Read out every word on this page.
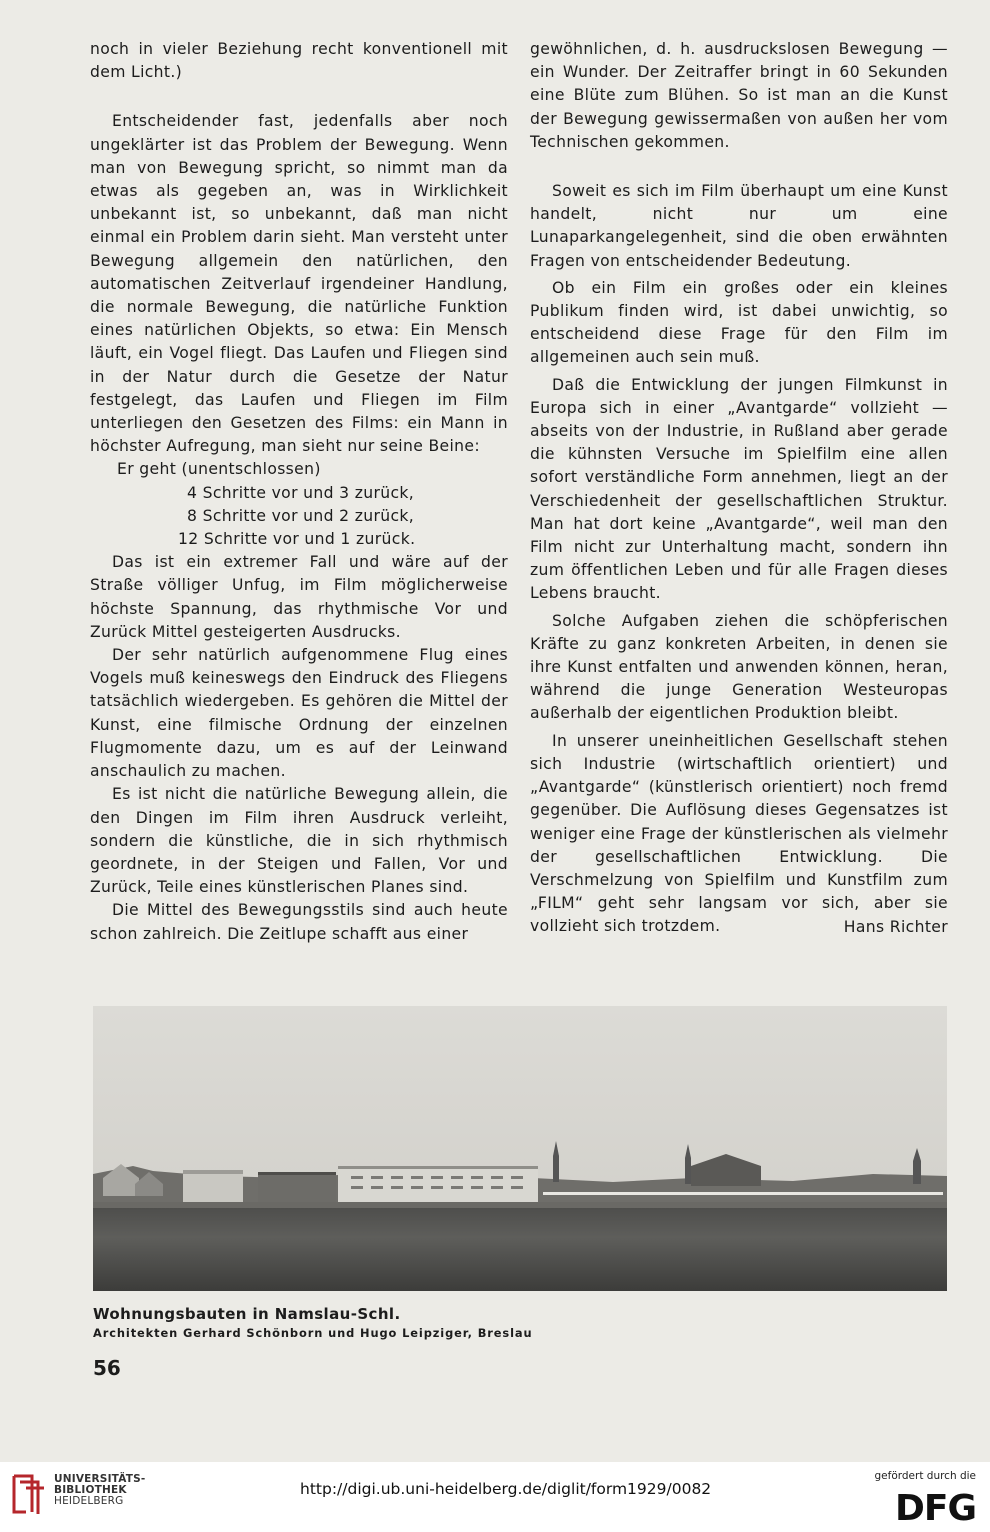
noch in vieler Beziehung recht konventionell mit dem Licht.)

Entscheidender fast, jedenfalls aber noch ungeklärter ist das Problem der Bewegung. Wenn man von Bewegung spricht, so nimmt man da etwas als gegeben an, was in Wirklichkeit unbekannt ist, so unbekannt, daß man nicht einmal ein Problem darin sieht. Man versteht unter Bewegung allgemein den natürlichen, den automatischen Zeitverlauf irgendeiner Handlung, die normale Bewegung, die natürliche Funktion eines natürlichen Objekts, so etwa: Ein Mensch läuft, ein Vogel fliegt. Das Laufen und Fliegen sind in der Natur durch die Gesetze der Natur festgelegt, das Laufen und Fliegen im Film unterliegen den Gesetzen des Films: ein Mann in höchster Aufregung, man sieht nur seine Beine:

Er geht (unentschlossen)
4 Schritte vor und 3 zurück,
8 Schritte vor und 2 zurück,
12 Schritte vor und 1 zurück.

Das ist ein extremer Fall und wäre auf der Straße völliger Unfug, im Film möglicherweise höchste Spannung, das rhythmische Vor und Zurück Mittel gesteigerten Ausdrucks.

Der sehr natürlich aufgenommene Flug eines Vogels muß keineswegs den Eindruck des Fliegens tatsächlich wiedergeben. Es gehören die Mittel der Kunst, eine filmische Ordnung der einzelnen Flugmomente dazu, um es auf der Leinwand anschaulich zu machen.

Es ist nicht die natürliche Bewegung allein, die den Dingen im Film ihren Ausdruck verleiht, sondern die künstliche, die in sich rhythmisch geordnete, in der Steigen und Fallen, Vor und Zurück, Teile eines künstlerischen Planes sind.

Die Mittel des Bewegungsstils sind auch heute schon zahlreich. Die Zeitlupe schafft aus einer

gewöhnlichen, d. h. ausdruckslosen Bewegung — ein Wunder. Der Zeitraffer bringt in 60 Sekunden eine Blüte zum Blühen. So ist man an die Kunst der Bewegung gewissermaßen von außen her vom Technischen gekommen.

Soweit es sich im Film überhaupt um eine Kunst handelt, nicht nur um eine Lunaparkangelegenheit, sind die oben erwähnten Fragen von entscheidender Bedeutung.

Ob ein Film ein großes oder ein kleines Publikum finden wird, ist dabei unwichtig, so entscheidend diese Frage für den Film im allgemeinen auch sein muß.

Daß die Entwicklung der jungen Filmkunst in Europa sich in einer „Avantgarde“ vollzieht — abseits von der Industrie, in Rußland aber gerade die kühnsten Versuche im Spielfilm eine allen sofort verständliche Form annehmen, liegt an der Verschiedenheit der gesellschaftlichen Struktur. Man hat dort keine „Avantgarde“, weil man den Film nicht zur Unterhaltung macht, sondern ihn zum öffentlichen Leben und für alle Fragen dieses Lebens braucht.

Solche Aufgaben ziehen die schöpferischen Kräfte zu ganz konkreten Arbeiten, in denen sie ihre Kunst entfalten und anwenden können, heran, während die junge Generation Westeuropas außerhalb der eigentlichen Produktion bleibt.

In unserer uneinheitlichen Gesellschaft stehen sich Industrie (wirtschaftlich orientiert) und „Avantgarde“ (künstlerisch orientiert) noch fremd gegenüber. Die Auflösung dieses Gegensatzes ist weniger eine Frage der künstlerischen als vielmehr der gesellschaftlichen Entwicklung. Die Verschmelzung von Spielfilm und Kunstfilm zum „FILM“ geht sehr langsam vor sich, aber sie vollzieht sich trotzdem.	Hans Richter
Wohnungsbauten in Namslau-Schl.
Architekten Gerhard Schönborn und Hugo Leipziger, Breslau
56
UNIVERSITÄTS-
BIBLIOTHEK
HEIDELBERG
http://digi.ub.uni-heidelberg.de/diglit/form1929/0082
gefördert durch die
DFG
